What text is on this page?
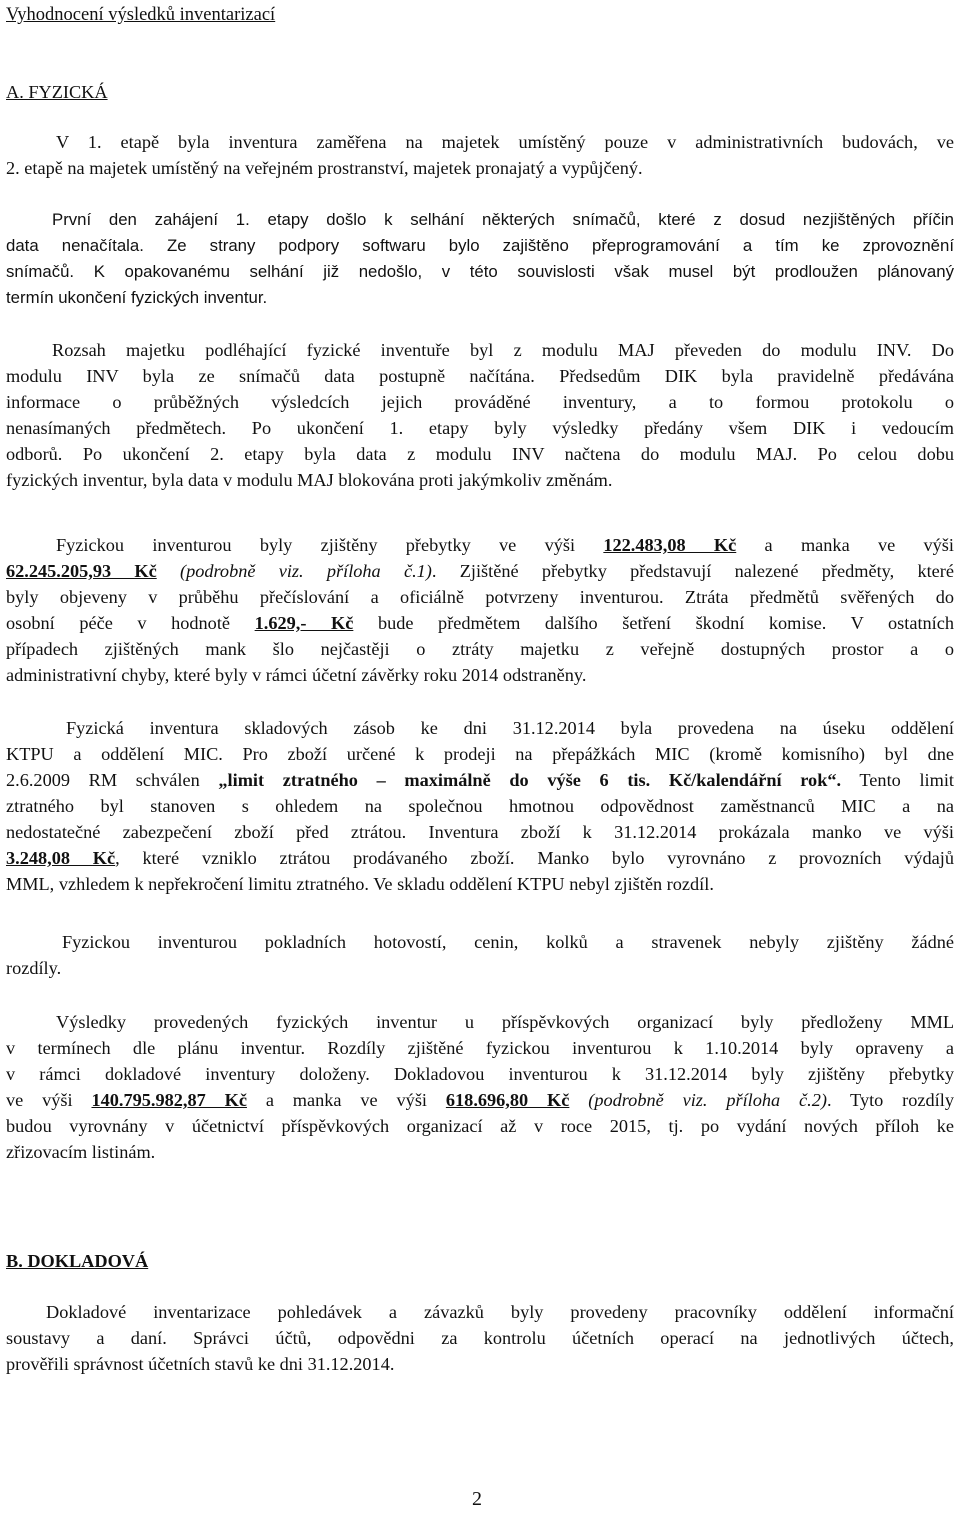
Vyhodnocení výsledků inventarizací
A. FYZICKÁ
V 1. etapě byla inventura zaměřena na majetek umístěný pouze v administrativních budovách, ve
2. etapě na majetek umístěný na veřejném prostranství, majetek pronajatý a vypůjčený.
První den zahájení 1. etapy došlo k selhání některých snímačů, které z dosud nezjištěných příčin
data nenačítala. Ze strany podpory softwaru bylo zajištěno přeprogramování a tím ke zprovoznění
snímačů. K opakovanému selhání již nedošlo, v této souvislosti však musel být prodloužen plánovaný
termín ukončení fyzických inventur.
Rozsah majetku podléhající fyzické inventuře byl z modulu MAJ převeden do modulu INV. Do
modulu INV byla ze snímačů data postupně načítána. Předsedům DIK byla pravidelně předávána
informace o průběžných výsledcích jejich prováděné inventury, a to formou protokolu o
nenasímaných předmětech. Po ukončení 1. etapy byly výsledky předány všem DIK i vedoucím
odborů. Po ukončení 2. etapy byla data z modulu INV načtena do modulu MAJ. Po celou dobu
fyzických inventur, byla data v modulu MAJ blokována proti jakýmkoliv změnám.
Fyzickou inventurou byly zjištěny přebytky ve výši 122.483,08 Kč a manka ve výši
62.245.205,93 Kč (podrobně viz. příloha č.1). Zjištěné přebytky představují nalezené předměty, které
byly objeveny v průběhu přečíslování a oficiálně potvrzeny inventurou. Ztráta předmětů svěřených do
osobní péče v hodnotě 1.629,- Kč bude předmětem dalšího šetření škodní komise. V ostatních
případech zjištěných mank šlo nejčastěji o ztráty majetku z veřejně dostupných prostor a o
administrativní chyby, které byly v rámci účetní závěrky roku 2014 odstraněny.
Fyzická inventura skladových zásob ke dni 31.12.2014 byla provedena na úseku oddělení
KTPU a oddělení MIC. Pro zboží určené k prodeji na přepážkách MIC (kromě komisního) byl dne
2.6.2009 RM schválen „limit ztratného – maximálně do výše 6 tis. Kč/kalendářní rok“. Tento limit
ztratného byl stanoven s ohledem na společnou hmotnou odpovědnost zaměstnanců MIC a na
nedostatečné zabezpečení zboží před ztrátou. Inventura zboží k 31.12.2014 prokázala manko ve výši
3.248,08 Kč, které vzniklo ztrátou prodávaného zboží. Manko bylo vyrovnáno z provozních výdajů
MML, vzhledem k nepřekročení limitu ztratného. Ve skladu oddělení KTPU nebyl zjištěn rozdíl.
Fyzickou inventurou pokladních hotovostí, cenin, kolků a stravenek nebyly zjištěny žádné
rozdíly.
Výsledky provedených fyzických inventur u příspěvkových organizací byly předloženy MML
v termínech dle plánu inventur. Rozdíly zjištěné fyzickou inventurou k 1.10.2014 byly opraveny a
v rámci dokladové inventury doloženy. Dokladovou inventurou k 31.12.2014 byly zjištěny přebytky
ve výši 140.795.982,87 Kč a manka ve výši 618.696,80 Kč (podrobně viz. příloha č.2). Tyto rozdíly
budou vyrovnány v účetnictví příspěvkových organizací až v roce 2015, tj. po vydání nových příloh ke
zřizovacím listinám.
B. DOKLADOVÁ
Dokladové inventarizace pohledávek a závazků byly provedeny pracovníky oddělení informační
soustavy a daní. Správci účtů, odpovědni za kontrolu účetních operací na jednotlivých účtech,
prověřili správnost účetních stavů ke dni 31.12.2014.
2
